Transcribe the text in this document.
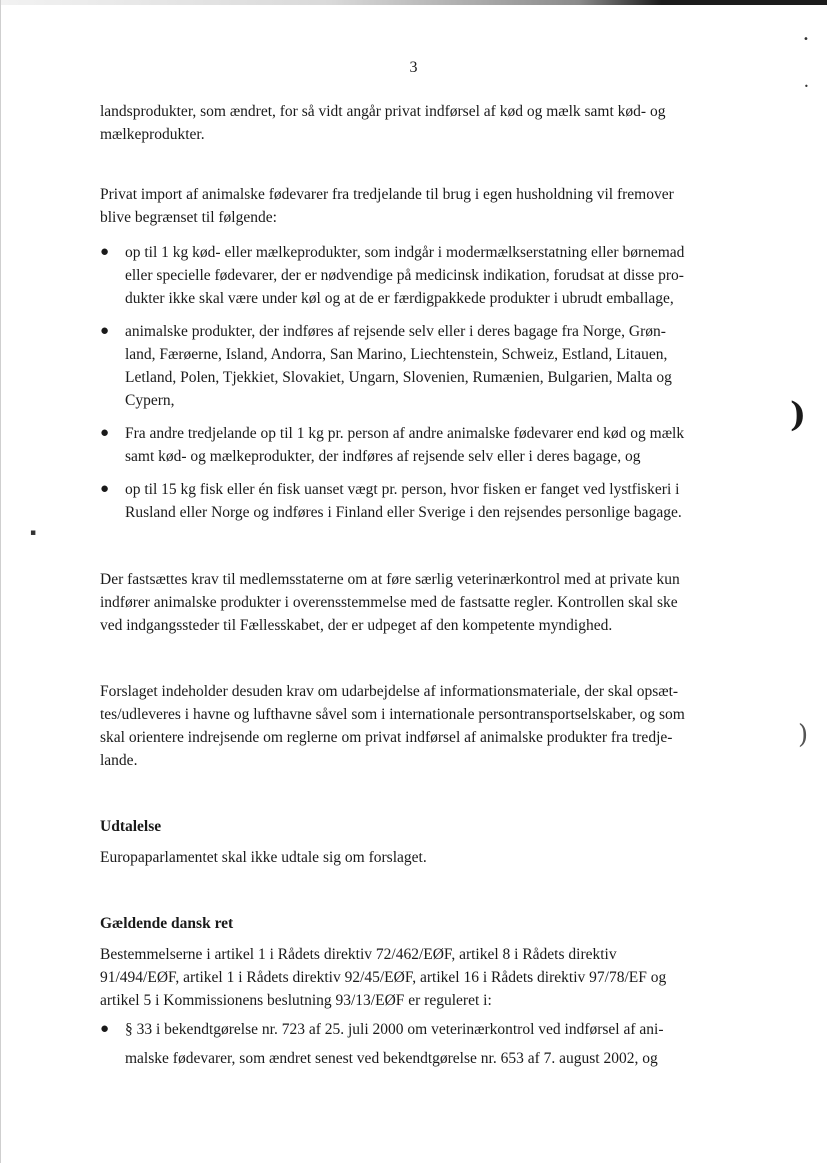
•
•
)
)
▪
3
landsprodukter, som ændret, for så vidt angår privat indførsel af kød og mælk samt kød- og
mælkeprodukter.
Privat import af animalske fødevarer fra tredjelande til brug i egen husholdning vil fremover
blive begrænset til følgende:
● op til 1 kg kød- eller mælkeprodukter, som indgår i modermælkserstatning eller børnemad
eller specielle fødevarer, der er nødvendige på medicinsk indikation, forudsat at disse pro-
dukter ikke skal være under køl og at de er færdigpakkede produkter i ubrudt emballage,
● animalske produkter, der indføres af rejsende selv eller i deres bagage fra Norge, Grøn-
land, Færøerne, Island, Andorra, San Marino, Liechtenstein, Schweiz, Estland, Litauen,
Letland, Polen, Tjekkiet, Slovakiet, Ungarn, Slovenien, Rumænien, Bulgarien, Malta og
Cypern,
● Fra andre tredjelande op til 1 kg pr. person af andre animalske fødevarer end kød og mælk
samt kød- og mælkeprodukter, der indføres af rejsende selv eller i deres bagage, og
● op til 15 kg fisk eller én fisk uanset vægt pr. person, hvor fisken er fanget ved lystfiskeri i
Rusland eller Norge og indføres i Finland eller Sverige i den rejsendes personlige bagage.
Der fastsættes krav til medlemsstaterne om at føre særlig veterinærkontrol med at private kun
indfører animalske produkter i overensstemmelse med de fastsatte regler. Kontrollen skal ske
ved indgangssteder til Fællesskabet, der er udpeget af den kompetente myndighed.
Forslaget indeholder desuden krav om udarbejdelse af informationsmateriale, der skal opsæt-
tes/udleveres i havne og lufthavne såvel som i internationale persontransportselskaber, og som
skal orientere indrejsende om reglerne om privat indførsel af animalske produkter fra tredje-
lande.
Udtalelse
Europaparlamentet skal ikke udtale sig om forslaget.
Gældende dansk ret
Bestemmelserne i artikel 1 i Rådets direktiv 72/462/EØF, artikel 8 i Rådets direktiv
91/494/EØF, artikel 1 i Rådets direktiv 92/45/EØF, artikel 16 i Rådets direktiv 97/78/EF og
artikel 5 i Kommissionens beslutning 93/13/EØF er reguleret i:
● § 33 i bekendtgørelse nr. 723 af 25. juli 2000 om veterinærkontrol ved indførsel af ani-
malske fødevarer, som ændret senest ved bekendtgørelse nr. 653 af 7. august 2002, og
